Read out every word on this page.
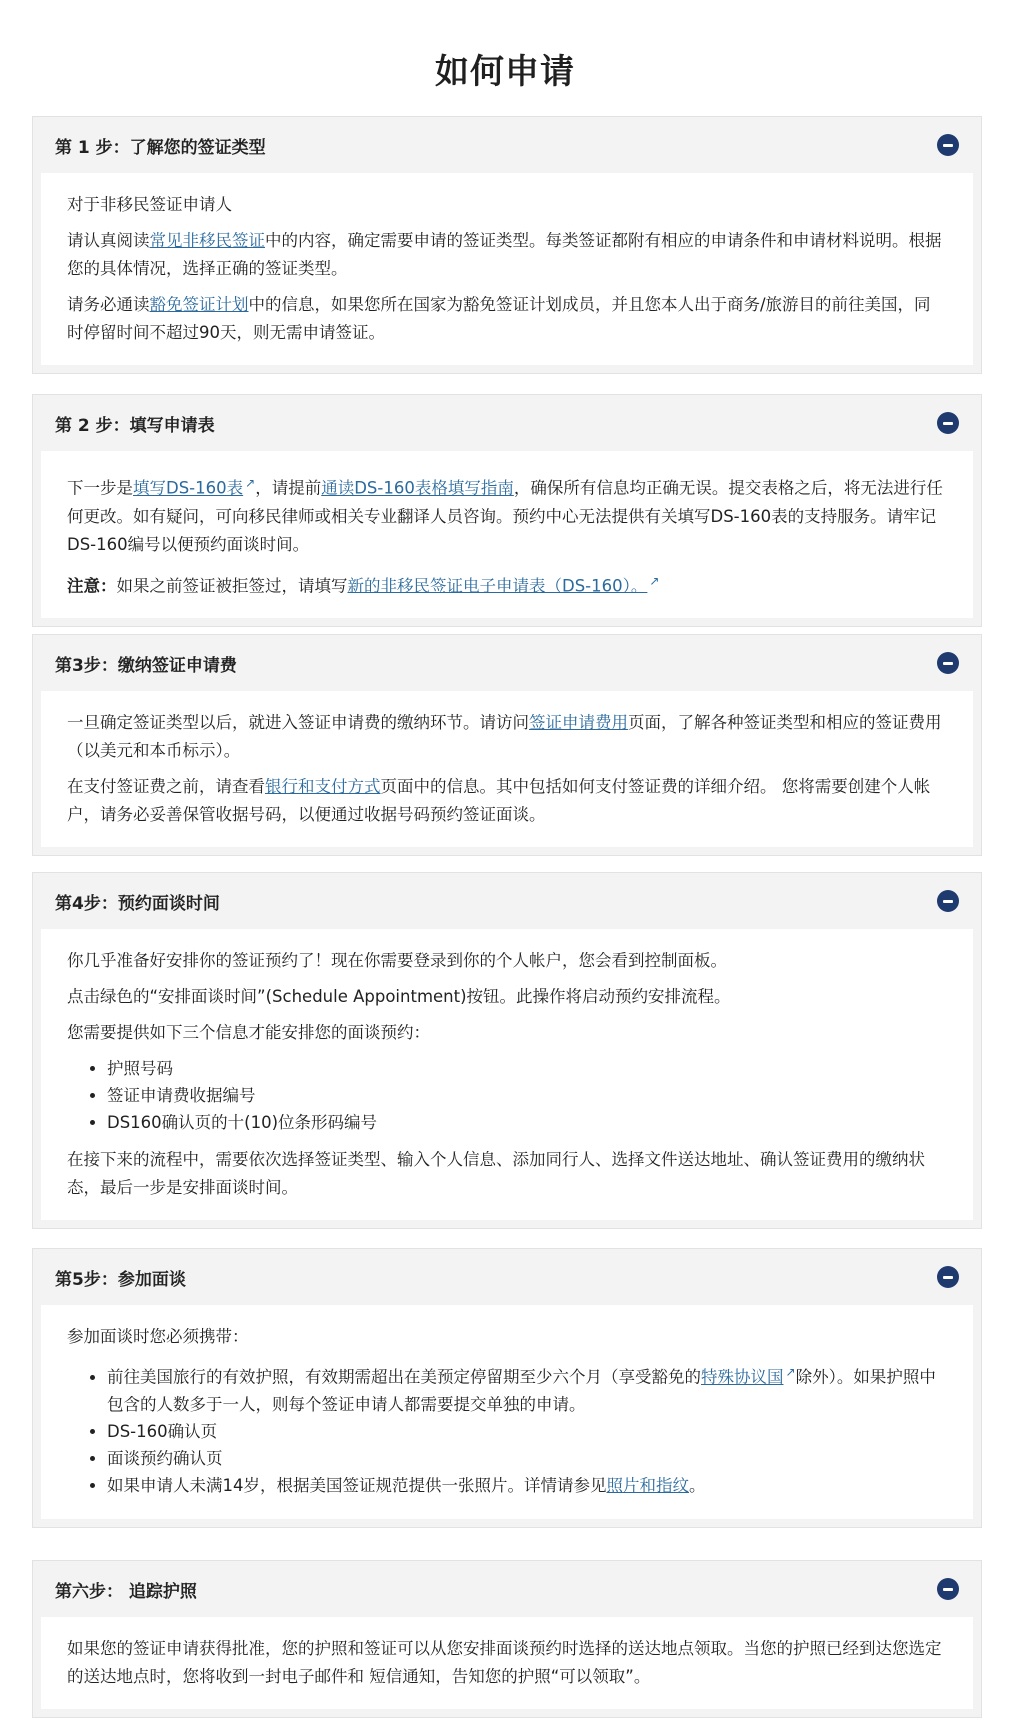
如何申请
第 1 步：了解您的签证类型

对于非移民签证申请人

请认真阅读常见非移民签证中的内容，确定需要申请的签证类型。每类签证都附有相应的申请条件和申请材料说明。根据您的具体情况，选择正确的签证类型。

请务必通读豁免签证计划中的信息，如果您所在国家为豁免签证计划成员，并且您本人出于商务/旅游目的前往美国，同时停留时间不超过90天，则无需申请签证。

第 2 步：填写申请表

下一步是填写DS-160表 ↗，请提前通读DS-160表格填写指南，确保所有信息均正确无误。提交表格之后，将无法进行任何更改。如有疑问，可向移民律师或相关专业翻译人员咨询。预约中心无法提供有关填写DS-160表的支持服务。请牢记DS-160编号以便预约面谈时间。

注意：如果之前签证被拒签过，请填写新的非移民签证电子申请表（DS-160）。 ↗

第3步：缴纳签证申请费

一旦确定签证类型以后，就进入签证申请费的缴纳环节。请访问签证申请费用页面，了解各种签证类型和相应的签证费用（以美元和本币标示）。

在支付签证费之前，请查看银行和支付方式页面中的信息。其中包括如何支付签证费的详细介绍。 您将需要创建个人帐户，请务必妥善保管收据号码，以便通过收据号码预约签证面谈。

第4步：预约面谈时间

你几乎准备好安排你的签证预约了！现在你需要登录到你的个人帐户，您会看到控制面板。

点击绿色的“安排面谈时间”(Schedule Appointment)按钮。此操作将启动预约安排流程。

您需要提供如下三个信息才能安排您的面谈预约：

• 护照号码
• 签证申请费收据编号
• DS160确认页的十(10)位条形码编号

在接下来的流程中，需要依次选择签证类型、输入个人信息、添加同行人、选择文件送达地址、确认签证费用的缴纳状态，最后一步是安排面谈时间。

第5步：参加面谈

参加面谈时您必须携带：

• 前往美国旅行的有效护照，有效期需超出在美预定停留期至少六个月（享受豁免的特殊协议国 ↗除外）。如果护照中包含的人数多于一人，则每个签证申请人都需要提交单独的申请。
• DS-160确认页
• 面谈预约确认页
• 如果申请人未满14岁，根据美国签证规范提供一张照片。详情请参见照片和指纹。
第六步： 追踪护照

如果您的签证申请获得批准，您的护照和签证可以从您安排面谈预约时选择的送达地点领取。当您的护照已经到达您选定的送达地点时，您将收到一封电子邮件和 短信通知，告知您的护照“可以领取”。
